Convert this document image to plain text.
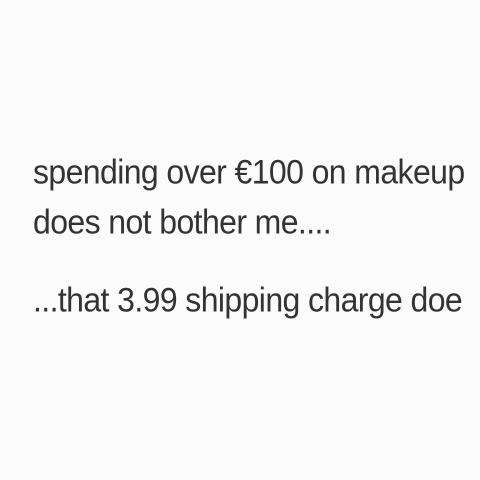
spending over €100 on makeup

does not bother me....

...that 3.99 shipping charge doe
